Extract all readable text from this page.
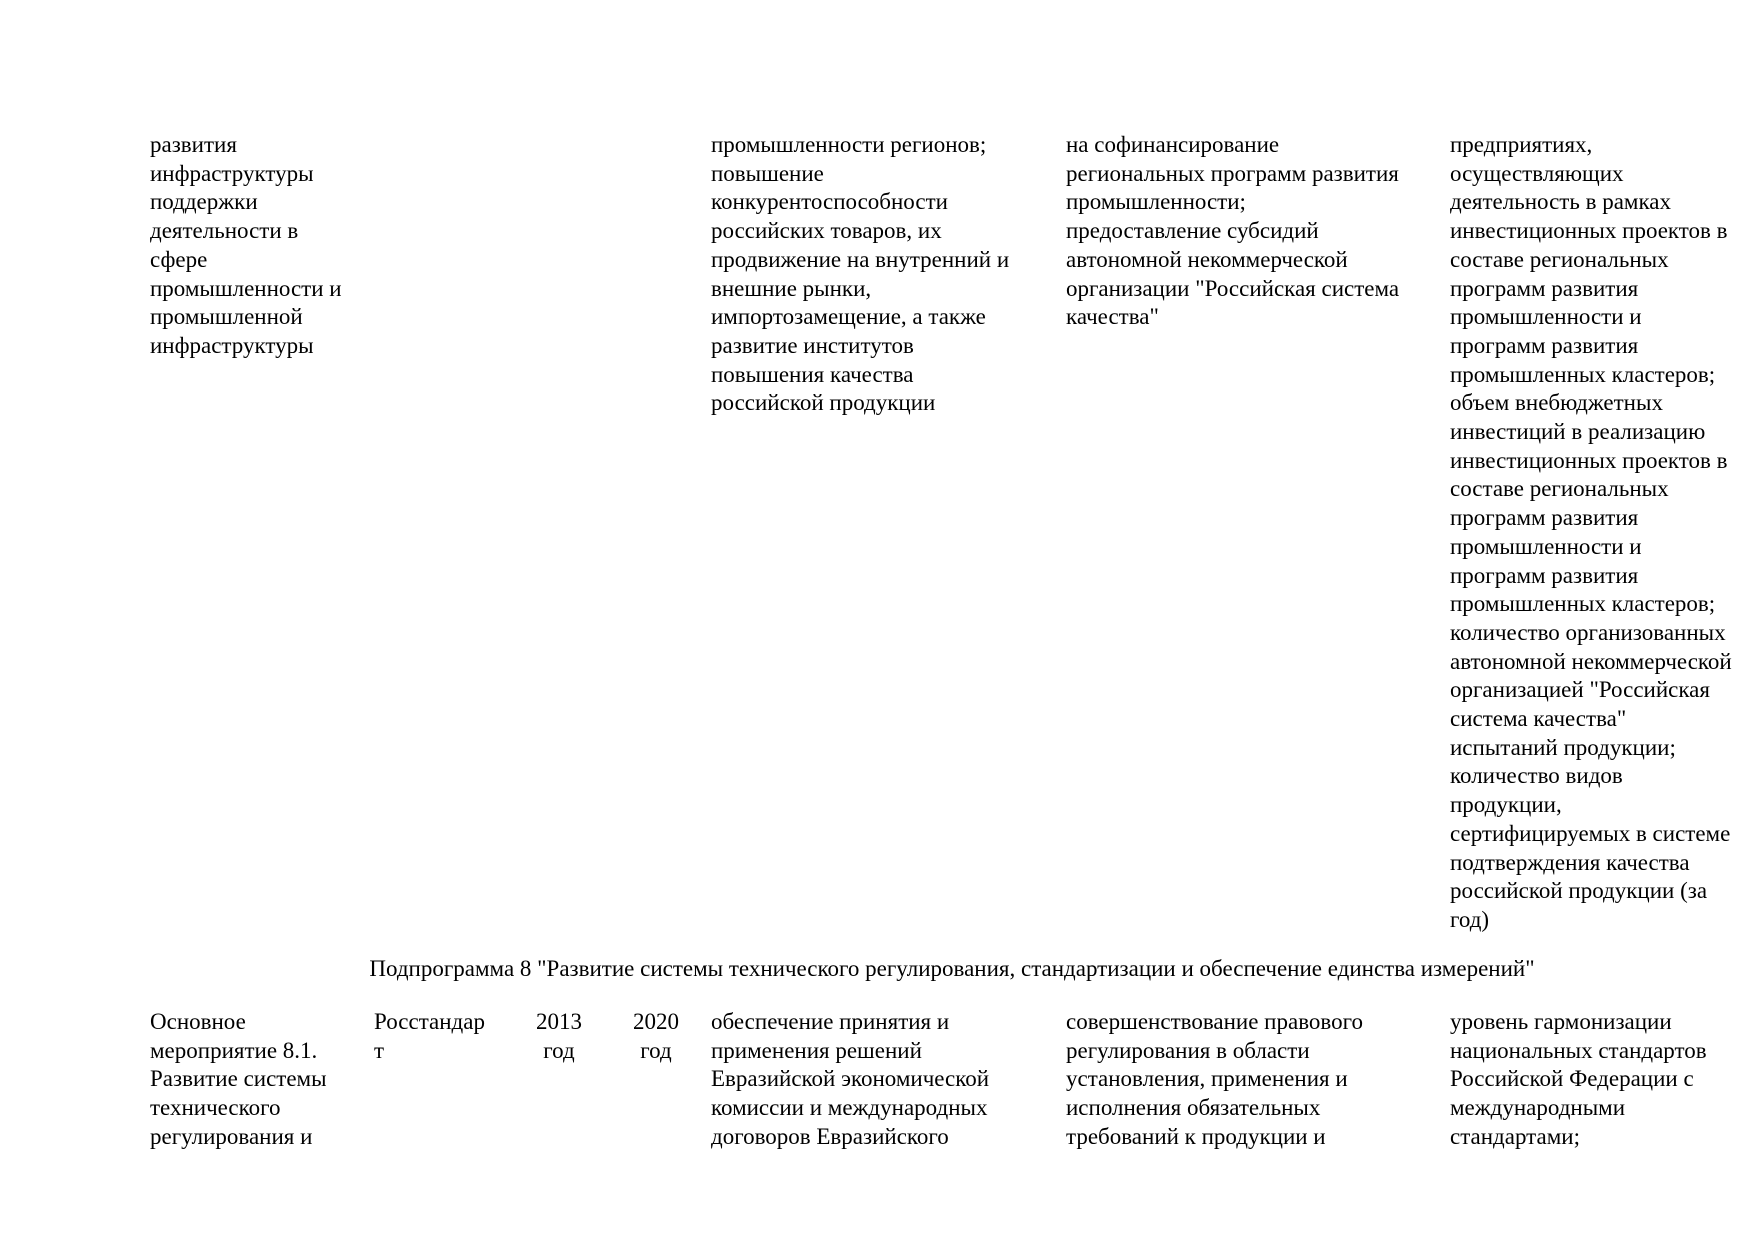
развития
инфраструктуры
поддержки
деятельности в
сфере
промышленности и
промышленной
инфраструктуры

промышленности регионов;
повышение
конкурентоспособности
российских товаров, их
продвижение на внутренний и
внешние рынки,
импортозамещение, а также
развитие институтов
повышения качества
российской продукции

на софинансирование
региональных программ развития
промышленности;
предоставление субсидий
автономной некоммерческой
организации "Российская система
качества"

предприятиях,
осуществляющих
деятельность в рамках
инвестиционных проектов в
составе региональных
программ развития
промышленности и
программ развития
промышленных кластеров;
объем внебюджетных
инвестиций в реализацию
инвестиционных проектов в
составе региональных
программ развития
промышленности и
программ развития
промышленных кластеров;
количество организованных
автономной некоммерческой
организацией "Российская
система качества"
испытаний продукции;
количество видов
продукции,
сертифицируемых в системе
подтверждения качества
российской продукции (за
год)

Подпрограмма 8 "Развитие системы технического регулирования, стандартизации и обеспечение единства измерений"

Основное
мероприятие 8.1.
Развитие системы
технического
регулирования и

Росстандар
т

2013
год

2020
год

обеспечение принятия и
применения решений
Евразийской экономической
комиссии и международных
договоров Евразийского

совершенствование правового
регулирования в области
установления, применения и
исполнения обязательных
требований к продукции и

уровень гармонизации
национальных стандартов
Российской Федерации с
международными
стандартами;
